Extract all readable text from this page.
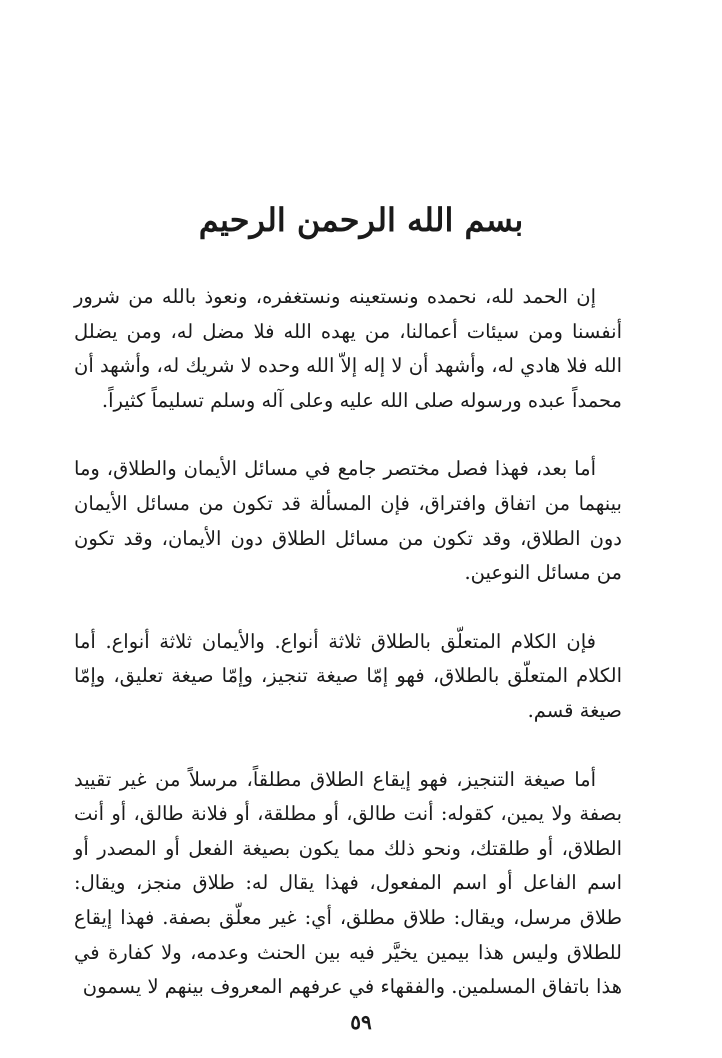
بسم الله الرحمن الرحيم

إن الحمد لله، نحمده ونستعينه ونستغفره، ونعوذ بالله من شرور أنفسنا ومن سيئات أعمالنا، من يهده الله فلا مضل له، ومن يضلل الله فلا هادي له، وأشهد أن لا إله إلاّ الله وحده لا شريك له، وأشهد أن محمداً عبده ورسوله صلى الله عليه وعلى آله وسلم تسليماً كثيراً.

أما بعد، فهذا فصل مختصر جامع في مسائل الأيمان والطلاق، وما بينهما من اتفاق وافتراق، فإن المسألة قد تكون من مسائل الأيمان دون الطلاق، وقد تكون من مسائل الطلاق دون الأيمان، وقد تكون من مسائل النوعين.

فإن الكلام المتعلّق بالطلاق ثلاثة أنواع. والأيمان ثلاثة أنواع. أما الكلام المتعلّق بالطلاق، فهو إمّا صيغة تنجيز، وإمّا صيغة تعليق، وإمّا صيغة قسم.

أما صيغة التنجيز، فهو إيقاع الطلاق مطلقاً، مرسلاً من غير تقييد بصفة ولا يمين، كقوله: أنت طالق، أو مطلقة، أو فلانة طالق، أو أنت الطلاق، أو طلقتك، ونحو ذلك مما يكون بصيغة الفعل أو المصدر أو اسم الفاعل أو اسم المفعول، فهذا يقال له: طلاق منجز، ويقال: طلاق مرسل، ويقال: طلاق مطلق، أي: غير معلّق بصفة. فهذا إيقاع للطلاق وليس هذا بيمين يخيَّر فيه بين الحنث وعدمه، ولا كفارة في هذا باتفاق المسلمين. والفقهاء في عرفهم المعروف بينهم لا يسمون

٥٩
